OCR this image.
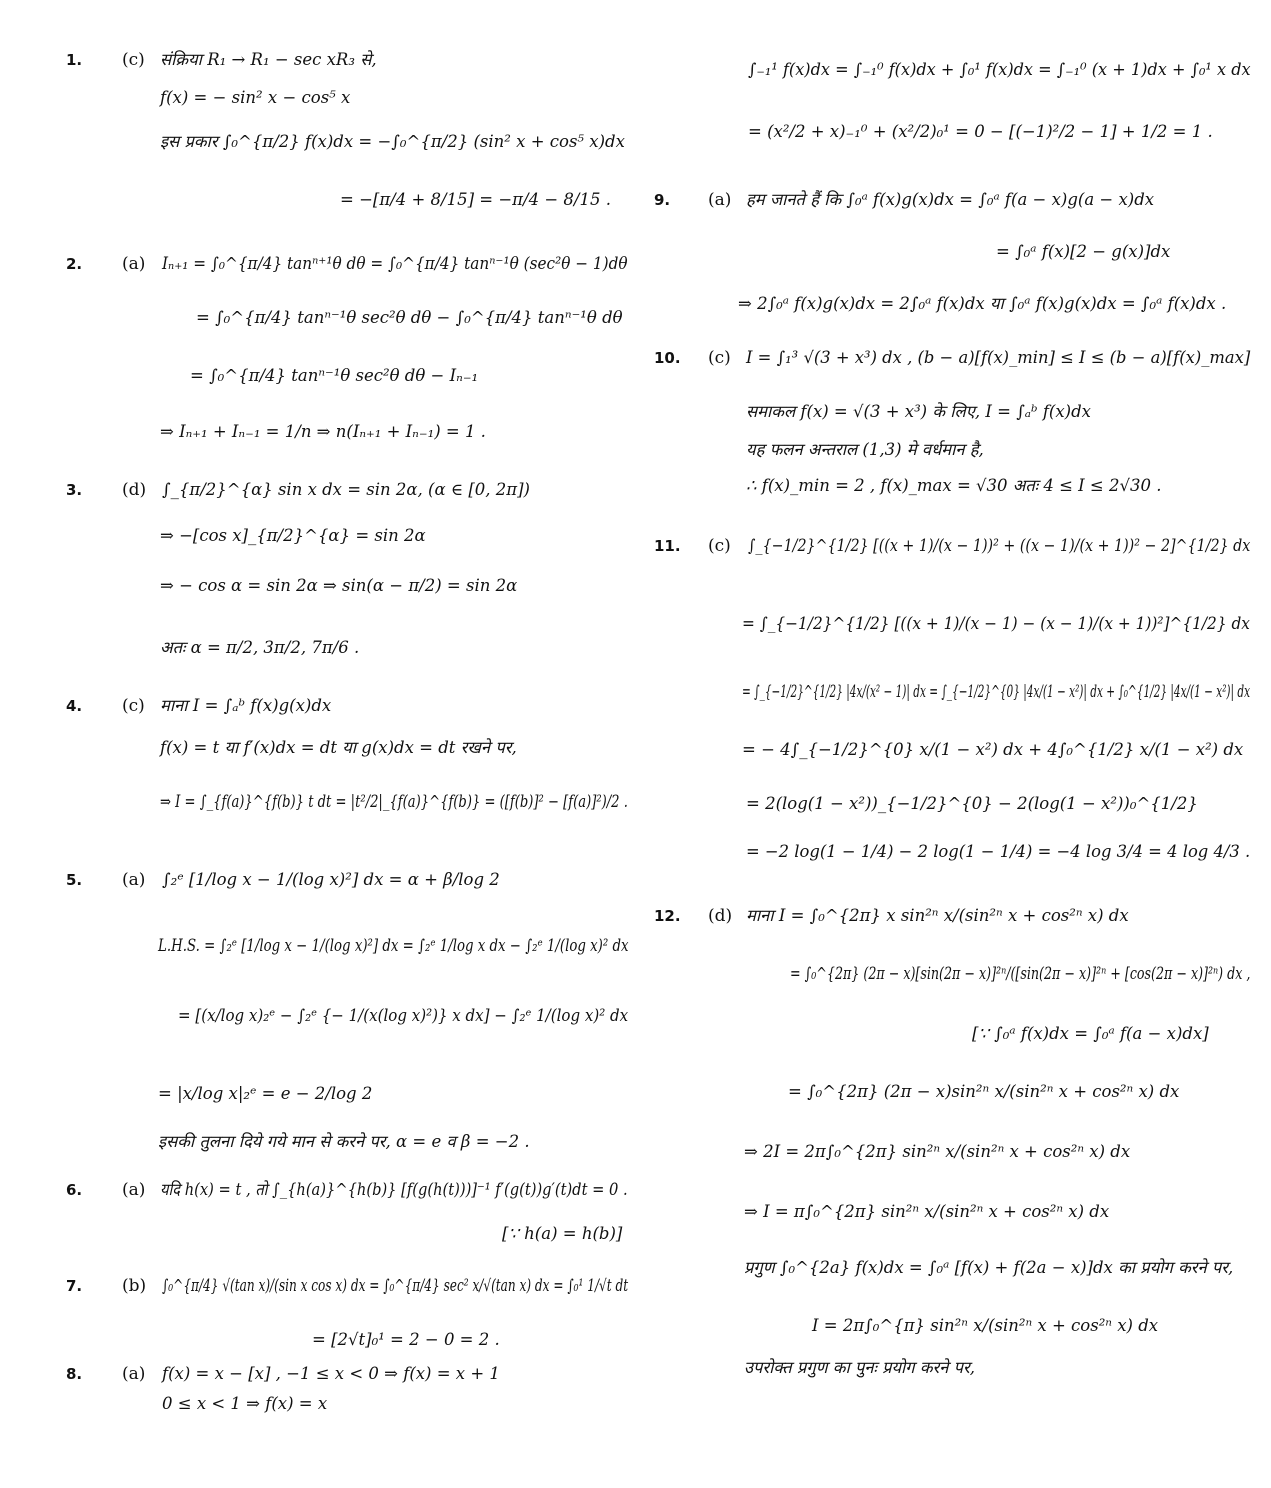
1. (c) संक्रिया R₁ → R₁ − sec xR₃ से,
f(x) = − sin² x − cos⁵ x
इस प्रकार ∫₀^{π/2} f(x)dx = −∫₀^{π/2} (sin² x + cos⁵ x)dx
= −[π/4 + 8/15] = −π/4 − 8/15 .
2. (a) Iₙ₊₁ = ∫₀^{π/4} tanⁿ⁺¹θ dθ = ∫₀^{π/4} tanⁿ⁻¹θ (sec²θ − 1)dθ
= ∫₀^{π/4} tanⁿ⁻¹θ sec²θ dθ − ∫₀^{π/4} tanⁿ⁻¹θ dθ
= ∫₀^{π/4} tanⁿ⁻¹θ sec²θ dθ − Iₙ₋₁
⇒ Iₙ₊₁ + Iₙ₋₁ = 1/n ⇒ n(Iₙ₊₁ + Iₙ₋₁) = 1 .
3. (d) ∫_{π/2}^{α} sin x dx = sin 2α, (α ∈ [0, 2π])
⇒ −[cos x]_{π/2}^{α} = sin 2α
⇒ − cos α = sin 2α ⇒ sin(α − π/2) = sin 2α
अतः α = π/2, 3π/2, 7π/6 .
4. (c) माना I = ∫ₐᵇ f(x)g(x)dx
f(x) = t या f′(x)dx = dt या g(x)dx = dt रखने पर,
⇒ I = ∫_{f(a)}^{f(b)} t dt = |t²/2|_{f(a)}^{f(b)} = ([f(b)]² − [f(a)]²)/2 .
5. (a) ∫₂ᵉ [1/log x − 1/(log x)²] dx = α + β/log 2
L.H.S. = ∫₂ᵉ [1/log x − 1/(log x)²] dx = ∫₂ᵉ 1/log x dx − ∫₂ᵉ 1/(log x)² dx
= [(x/log x)₂ᵉ − ∫₂ᵉ {− 1/(x(log x)²)} x dx] − ∫₂ᵉ 1/(log x)² dx
= |x/log x|₂ᵉ = e − 2/log 2
इसकी तुलना दिये गये मान से करने पर, α = e व β = −2 .
6. (a) यदि h(x) = t , तो ∫_{h(a)}^{h(b)} [f(g(h(t)))]⁻¹ f′(g(t))g′(t)dt = 0 .
[∵ h(a) = h(b)]
7. (b) ∫₀^{π/4} √(tan x)/(sin x cos x) dx = ∫₀^{π/4} sec² x/√(tan x) dx = ∫₀¹ 1/√t dt
= [2√t]₀¹ = 2 − 0 = 2 .
8. (a) f(x) = x − [x] , −1 ≤ x < 0 ⇒ f(x) = x + 1
0 ≤ x < 1 ⇒ f(x) = x
∫₋₁¹ f(x)dx = ∫₋₁⁰ f(x)dx + ∫₀¹ f(x)dx = ∫₋₁⁰ (x + 1)dx + ∫₀¹ x dx
= (x²/2 + x)₋₁⁰ + (x²/2)₀¹ = 0 − [(−1)²/2 − 1] + 1/2 = 1 .
9. (a) हम जानते हैं कि ∫₀ᵃ f(x)g(x)dx = ∫₀ᵃ f(a − x)g(a − x)dx
= ∫₀ᵃ f(x)[2 − g(x)]dx
⇒ 2∫₀ᵃ f(x)g(x)dx = 2∫₀ᵃ f(x)dx या ∫₀ᵃ f(x)g(x)dx = ∫₀ᵃ f(x)dx .
10. (c) I = ∫₁³ √(3 + x³) dx , (b − a)[f(x)_min] ≤ I ≤ (b − a)[f(x)_max]
समाकल f(x) = √(3 + x³) के लिए, I = ∫ₐᵇ f(x)dx
यह फलन अन्तराल (1,3) मे वर्धमान है,
∴ f(x)_min = 2 , f(x)_max = √30 अतः 4 ≤ I ≤ 2√30 .
11. (c) ∫_{−1/2}^{1/2} [((x + 1)/(x − 1))² + ((x − 1)/(x + 1))² − 2]^{1/2} dx
= ∫_{−1/2}^{1/2} [((x + 1)/(x − 1) − (x − 1)/(x + 1))²]^{1/2} dx
= ∫_{−1/2}^{1/2} |4x/(x² − 1)| dx = ∫_{−1/2}^{0} |4x/(1 − x²)| dx + ∫₀^{1/2} |4x/(1 − x²)| dx
= − 4∫_{−1/2}^{0} x/(1 − x²) dx + 4∫₀^{1/2} x/(1 − x²) dx
= 2(log(1 − x²))_{−1/2}^{0} − 2(log(1 − x²))₀^{1/2}
= −2 log(1 − 1/4) − 2 log(1 − 1/4) = −4 log 3/4 = 4 log 4/3 .
12. (d) माना I = ∫₀^{2π} x sin²ⁿ x/(sin²ⁿ x + cos²ⁿ x) dx
= ∫₀^{2π} (2π − x)[sin(2π − x)]²ⁿ/([sin(2π − x)]²ⁿ + [cos(2π − x)]²ⁿ) dx ,
[∵ ∫₀ᵃ f(x)dx = ∫₀ᵃ f(a − x)dx]
= ∫₀^{2π} (2π − x)sin²ⁿ x/(sin²ⁿ x + cos²ⁿ x) dx
⇒ 2I = 2π∫₀^{2π} sin²ⁿ x/(sin²ⁿ x + cos²ⁿ x) dx
⇒ I = π∫₀^{2π} sin²ⁿ x/(sin²ⁿ x + cos²ⁿ x) dx
प्रगुण ∫₀^{2a} f(x)dx = ∫₀ᵃ [f(x) + f(2a − x)]dx का प्रयोग करने पर,
I = 2π∫₀^{π} sin²ⁿ x/(sin²ⁿ x + cos²ⁿ x) dx
उपरोक्त प्रगुण का पुनः प्रयोग करने पर,
